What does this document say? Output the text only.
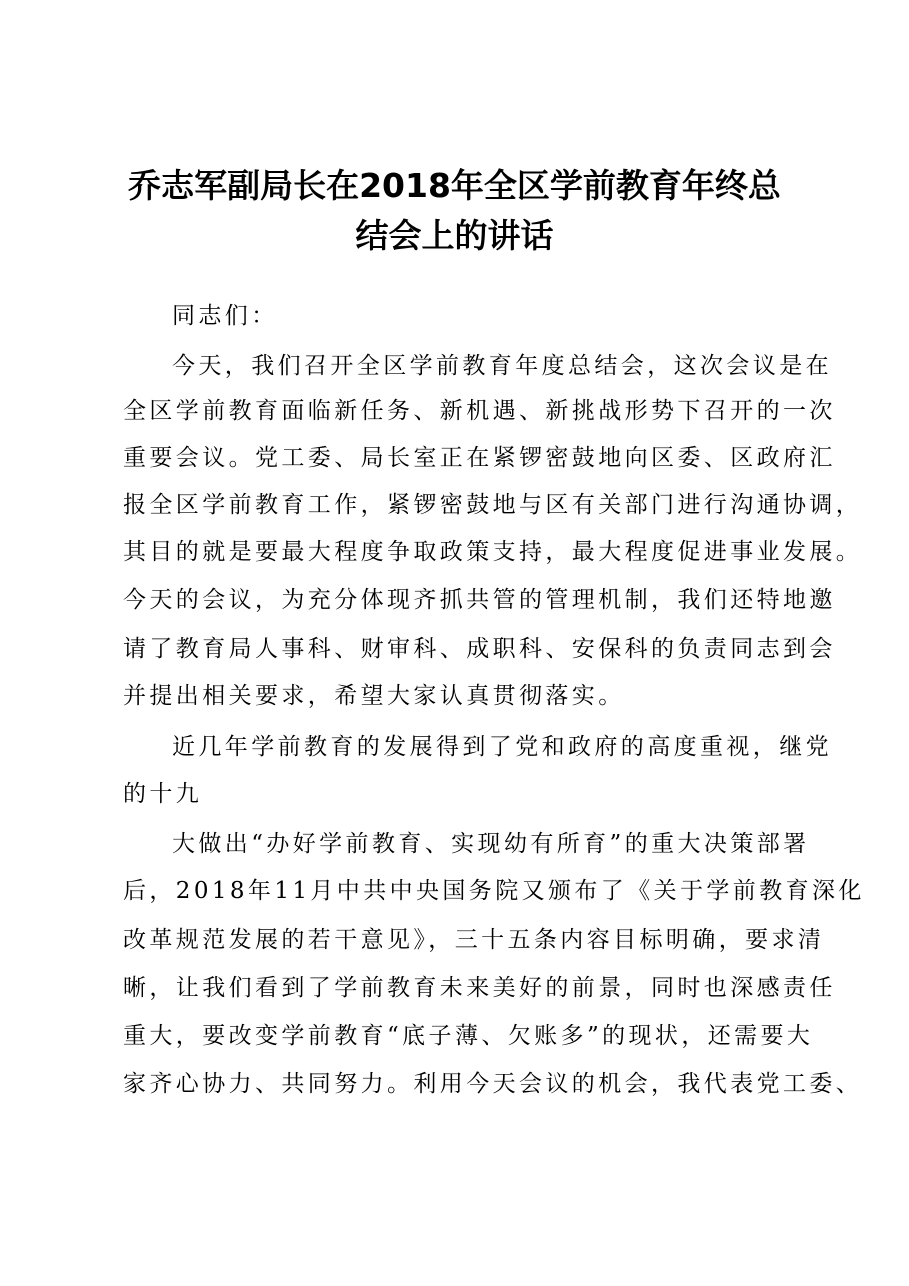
乔志军副局长在2018年全区学前教育年终总
结会上的讲话
同志们：
今天，我们召开全区学前教育年度总结会，这次会议是在
全区学前教育面临新任务、新机遇、新挑战形势下召开的一次
重要会议。党工委、局长室正在紧锣密鼓地向区委、区政府汇
报全区学前教育工作，紧锣密鼓地与区有关部门进行沟通协调，
其目的就是要最大程度争取政策支持，最大程度促进事业发展。
今天的会议，为充分体现齐抓共管的管理机制，我们还特地邀
请了教育局人事科、财审科、成职科、安保科的负责同志到会
并提出相关要求，希望大家认真贯彻落实。
近几年学前教育的发展得到了党和政府的高度重视，继党
的十九
大做出“办好学前教育、实现幼有所育”的重大决策部署
后，2018年11月中共中央国务院又颁布了《关于学前教育深化
改革规范发展的若干意见》，三十五条内容目标明确，要求清
晰，让我们看到了学前教育未来美好的前景，同时也深感责任
重大，要改变学前教育“底子薄、欠账多”的现状，还需要大
家齐心协力、共同努力。利用今天会议的机会，我代表党工委、
